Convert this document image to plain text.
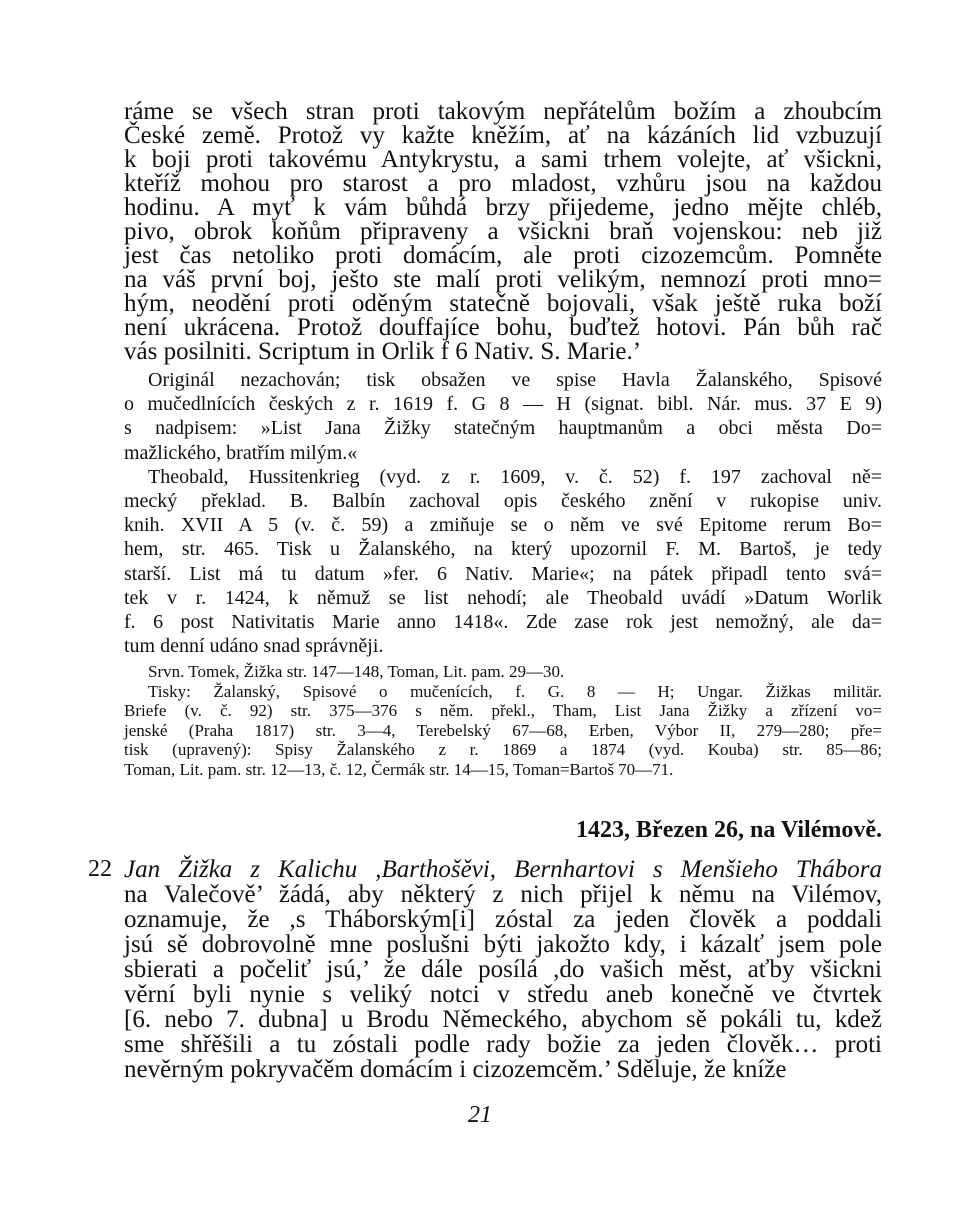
ráme se všech stran proti takovým nepřátelům božím a zhoubcím
České země. Protož vy kažte kněžím, ať na kázáních lid vzbuzují
k boji proti takovému Antykrystu, a sami trhem volejte, ať všickni,
kteříž mohou pro starost a pro mladost, vzhůru jsou na každou
hodinu. A myť k vám bůhdá brzy přijedeme, jedno mějte chléb,
pivo, obrok koňům připraveny a všickni braň vojenskou: neb již
jest čas netoliko proti domácím, ale proti cizozemcům. Pomněte
na váš první boj, ješto ste malí proti velikým, nemnozí proti mno=
hým, neodění proti oděným statečně bojovali, však ještě ruka boží
není ukrácena. Protož douffajíce bohu, buďtež hotovi. Pán bůh rač
vás posilniti. Scriptum in Orlik f 6 Nativ. S. Marie.’
Originál nezachován; tisk obsažen ve spise Havla Žalanského, Spisové
o mučedlnících českých z r. 1619 f. G 8 — H (signat. bibl. Nár. mus. 37 E 9)
s nadpisem: »List Jana Žižky statečným hauptmanům a obci města Do=
mažlického, bratřím milým.«
Theobald, Hussitenkrieg (vyd. z r. 1609, v. č. 52) f. 197 zachoval ně=
mecký překlad. B. Balbín zachoval opis českého znění v rukopise univ.
knih. XVII A 5 (v. č. 59) a zmiňuje se o něm ve své Epitome rerum Bo=
hem, str. 465. Tisk u Žalanského, na který upozornil F. M. Bartoš, je tedy
starší. List má tu datum »fer. 6 Nativ. Marie«; na pátek připadl tento svá=
tek v r. 1424, k němuž se list nehodí; ale Theobald uvádí »Datum Worlik
f. 6 post Nativitatis Marie anno 1418«. Zde zase rok jest nemožný, ale da=
tum denní udáno snad správněji.
Srvn. Tomek, Žižka str. 147—148, Toman, Lit. pam. 29—30.
Tisky: Žalanský, Spisové o mučenících, f. G. 8 — H; Ungar. Žižkas militär.
Briefe (v. č. 92) str. 375—376 s něm. překl., Tham, List Jana Žižky a zřízení vo=
jenské (Praha 1817) str. 3—4, Terebelský 67—68, Erben, Výbor II, 279—280; pře=
tisk (upravený): Spisy Žalanského z r. 1869 a 1874 (vyd. Kouba) str. 85—86;
Toman, Lit. pam. str. 12—13, č. 12, Čermák str. 14—15, Toman=Bartoš 70—71.
1423, Březen 26, na Vilémově.
22 Jan Žižka z Kalichu ,Barthošěvi, Bernhartovi s Menšieho Thábora
na Valečově’ žádá, aby některý z nich přijel k němu na Vilémov,
oznamuje, že ,s Tháborským[i] zóstal za jeden člověk a poddali
jsú sě dobrovolně mne poslušni býti jakožto kdy, i kázalť jsem pole
sbierati a počeliť jsú,’ že dále posílá ,do vašich měst, aťby všickni
věrní byli nynie s veliký notci v středu aneb konečně ve čtvrtek
[6. nebo 7. dubna] u Brodu Německého, abychom sě pokáli tu, kdež
sme shřěšili a tu zóstali podle rady božie za jeden člověk… proti
nevěrným pokryvačěm domácím i cizozemcěm.’ Sděluje, že kníže
21
